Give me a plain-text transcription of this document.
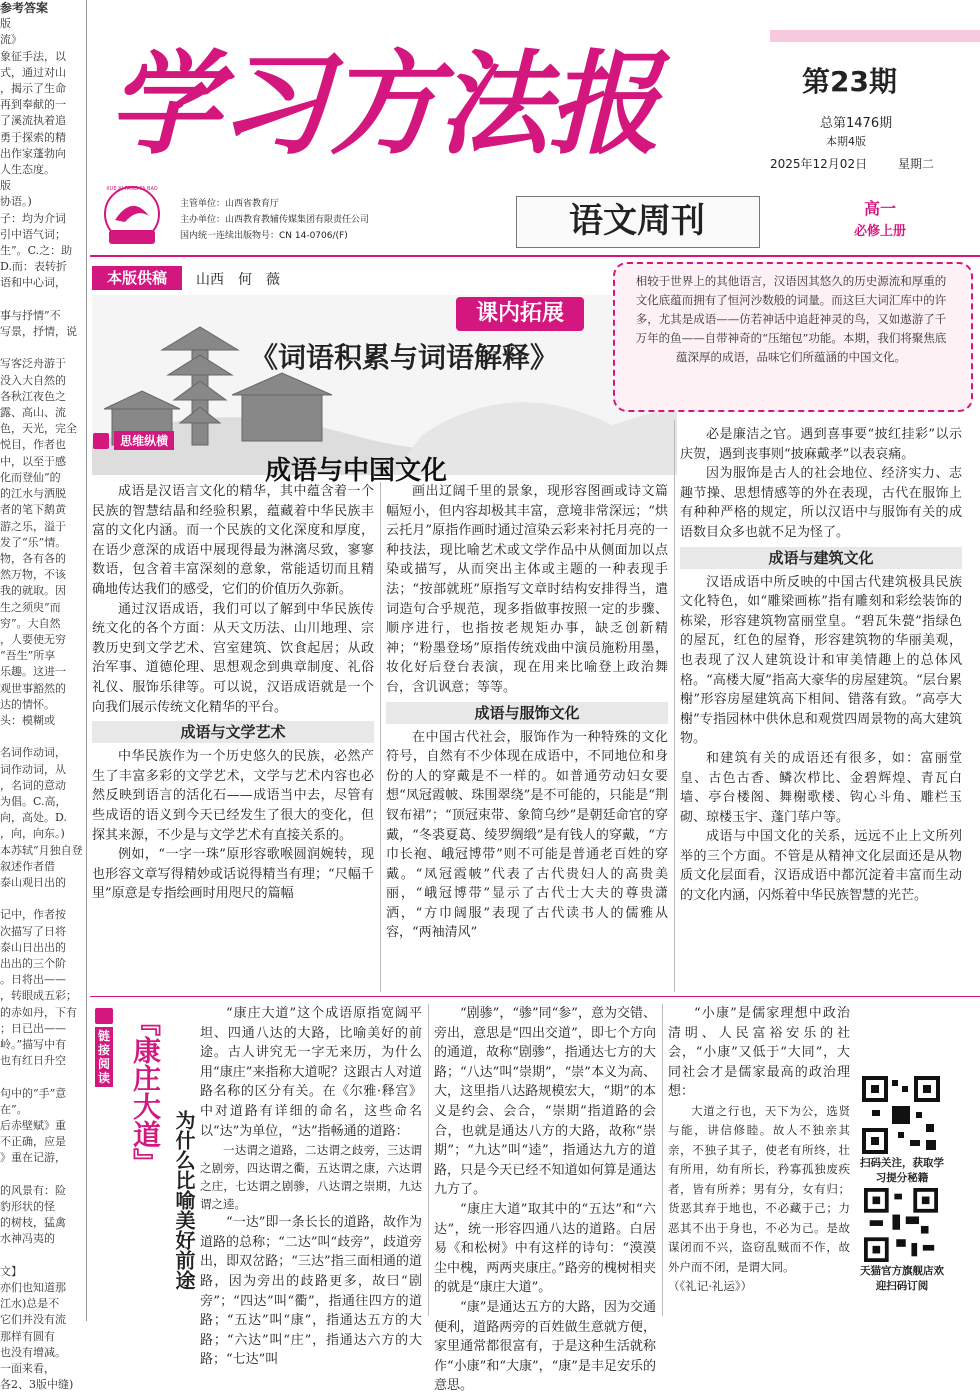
参考答案
版
流》
象征手法，以
式，通过对山
，揭示了生命
再到奉献的一
了溪流执着追
勇于探索的精
出作家蓬勃向
人生态度。
版
协语。)
子：均为介词
引中语气词；
生”。C.之：助
D.而：表转折
语和中心词，

事与抒情”不
写景，抒情，说

写客泛舟游于
没入大自然的
各秋江夜色之
露、高山、流
色，天光，完全
悦目，作者也
中，以至于感
化而登仙”的
的江水与洒脱
者的笔下鹅黄
游之乐，溢于
发了“乐”情。
物，各有各的
然万物，不该
我的就取。因
生之须臾”而
穷”。大自然
，人要使无穷
“吾生”所享
乐趣。这进一
观世事豁然的
达的情怀。
头：模糊或

名词作动词，
词作动词，从
，名词的意动
为倡。C.高，
向，高处。D.
，向，向东。)
本苏轼“月独自登
叙述作者借
泰山观日出的

记中，作者按
次描写了日将
泰山日出出的
出出的三个阶
。日将出——
，转眼成五彩；
的赤如丹，下有
；日已出——
岭。”描写中有
也有红日升空

句中的“手”意
在”。
后赤壁赋》重
不正确，应是
》重在记游，

的风景有：险
豹形状的怪
的树枝，猛禽
水神冯夷的

文】
亦们也知道那
江水)总是不
它们并没有流
那样有圆有
也没有增减。
一面来看，
各2、3版中缝)
学习方法报	第23期
总第1476期
本期4版
2025年12月02日	星期二
XUE XI FANG FA BAO
主管单位：山西省教育厅
主办单位：山西教育教辅传媒集团有限责任公司
国内统一连续出版物号：CN 14-0706/(F)	语文周刊	高一
必修上册
本版供稿	山西　何　薇
课内拓展
《词语积累与词语解释》
相较于世界上的其他语言，汉语因其悠久的历史源流和厚重的文化底蕴而拥有了恒河沙数般的词量。而这巨大词汇库中的许多，尤其是成语——仿若神话中追赶神灵的鸟，又如遨游了千万年的鱼——自带神奇的“压缩包”功能。本期，我们将聚焦底蕴深厚的成语，品味它们所蕴涵的中国文化。
思维纵横
成语与中国文化

成语是汉语言文化的精华，其中蕴含着一个民族的智慧结晶和经验积累，蕴藏着中华民族丰富的文化内涵。而一个民族的文化深度和厚度，在语少意深的成语中展现得最为淋漓尽致，寥寥数语，包含着丰富深刻的意象，常能适切而且精确地传达我们的感受，它们的价值历久弥新。

通过汉语成语，我们可以了解到中华民族传统文化的各个方面：从天文历法、山川地理、宗教历史到文学艺术、宫室建筑、饮食起居；从政治军事、道德伦理、思想观念到典章制度、礼俗礼仪、服饰乐律等。可以说，汉语成语就是一个向我们展示传统文化精华的平台。

成语与文学艺术

中华民族作为一个历史悠久的民族，必然产生了丰富多彩的文学艺术，文学与艺术内容也必然反映到语言的活化石——成语当中去，尽管有些成语的语义到今天已经发生了很大的变化，但探其来源，不少是与文学艺术有直接关系的。

例如，“一字一珠”原形容歌喉圆润婉转，现也形容文章写得精妙或话说得精当有理；“尺幅千里”原意是专指绘画时用咫尺的篇幅

画出辽阔千里的景象，现形容图画或诗文篇幅短小，但内容却极其丰富，意境非常深远；“烘云托月”原指作画时通过渲染云彩来衬托月亮的一种技法，现比喻艺术或文学作品中从侧面加以点染或描写，从而突出主体或主题的一种表现手法；“按部就班”原指写文章时结构安排得当，遣词造句合乎规范，现多指做事按照一定的步骤、顺序进行，也指按老规矩办事，缺乏创新精神；“粉墨登场”原指传统戏曲中演员施粉用墨，妆化好后登台表演，现在用来比喻登上政治舞台，含讥讽意；等等。

成语与服饰文化

在中国古代社会，服饰作为一种特殊的文化符号，自然有不少体现在成语中，不同地位和身份的人的穿戴是不一样的。如普通劳动妇女要想“凤冠霞帔、珠围翠绕”是不可能的，只能是“荆钗布裙”；“顶冠束带、象简乌纱”是朝廷命官的穿戴，“冬裘夏葛、绫罗绸缎”是有钱人的穿戴，“方巾长袍、峨冠博带”则不可能是普通老百姓的穿戴。“凤冠霞帔”代表了古代贵妇人的高贵美丽，“峨冠博带”显示了古代士大夫的尊贵潇洒，“方巾阔服”表现了古代读书人的儒雅从容，“两袖清风”

必是廉洁之官。遇到喜事要“披红挂彩”以示庆贺，遇到丧事则“披麻戴孝”以表哀痛。

因为服饰是古人的社会地位、经济实力、志趣节操、思想情感等的外在表现，古代在服饰上有种种严格的规定，所以汉语中与服饰有关的成语数目众多也就不足为怪了。

成语与建筑文化

汉语成语中所反映的中国古代建筑极具民族文化特色，如“雕梁画栋”指有雕刻和彩绘装饰的栋梁，形容建筑物富丽堂皇。“碧瓦朱甍”指绿色的屋瓦，红色的屋脊，形容建筑物的华丽美观，也表现了汉人建筑设计和审美情趣上的总体风格。“高楼大厦”指高大豪华的房屋建筑。“层台累榭”形容房屋建筑高下相间、错落有致。“高亭大榭”专指园林中供休息和观赏四周景物的高大建筑物。

和建筑有关的成语还有很多，如：富丽堂皇、古色古香、鳞次栉比、金碧辉煌、青瓦白墙、亭台楼阁、舞榭歌楼、钩心斗角、雕栏玉砌、琼楼玉宇、蓬门荜户等。

成语与中国文化的关系，远远不止上文所列举的三个方面。不管是从精神文化层面还是从物质文化层面看，汉语成语中都沉淀着丰富而生动的文化内涵，闪烁着中华民族智慧的光芒。

链接阅读 『康庄大道』
为什么比喻美好前途

“康庄大道”这个成语原指宽阔平坦、四通八达的大路，比喻美好的前途。古人讲究无一字无来历，为什么用“康庄”来指称大道呢？这跟古人对道路名称的区分有关。在《尔雅·释宫》中对道路有详细的命名，这些命名以“达”为单位，“达”指畅通的道路：

一达谓之道路，二达谓之歧旁，三达谓之剧旁，四达谓之衢，五达谓之康，六达谓之庄，七达谓之剧骖，八达谓之崇期，九达谓之逵。

“一达”即一条长长的道路，故作为道路的总称；“二达”叫“歧旁”，歧道旁出，即双岔路；“三达”指三面相通的道路，因为旁出的歧路更多，故曰“剧旁”；“四达”叫“衢”，指通往四方的道路；“五达”叫“康”，指通达五方的大路；“六达”叫“庄”，指通达六方的大路；“七达”叫

“剧骖”，“骖”同“参”，意为交错、旁出，意思是“四出交道”，即七个方向的通道，故称“剧骖”，指通达七方的大路；“八达”叫“崇期”，“崇”本义为高、大，这里指八达路规模宏大，“期”的本义是约会、会合，“崇期”指道路的会合，也就是通达八方的大路，故称“崇期”；“九达”叫“逵”，指通达九方的道路，只是今天已经不知道如何算是通达九方了。

“康庄大道”取其中的“五达”和“六达”，统一形容四通八达的道路。白居易《和松树》中有这样的诗句：“漠漠尘中槐，两两夹康庄。”路旁的槐树相夹的就是“康庄大道”。

“康”是通达五方的大路，因为交通便利，道路两旁的百姓做生意就方便，家里通常都很富有，于是这种生活就称作“小康”和“大康”，“康”是丰足安乐的意思。

“小康”是儒家理想中政治清明、人民富裕安乐的社会，“小康”又低于“大同”，大同社会才是儒家最高的政治理想：

大道之行也，天下为公，选贤与能，讲信修睦。故人不独亲其亲，不独子其子，使老有所终，壮有所用，幼有所长，矜寡孤独废疾者，皆有所养；男有分，女有归；货恶其弃于地也，不必藏于己；力恶其不出于身也，不必为己。是故谋闭而不兴，盗窃乱贼而不作，故外户而不闭，是谓大同。
（《礼记·礼运》）
扫码关注，获取学习提分秘籍
天猫官方旗舰店欢迎扫码订阅
